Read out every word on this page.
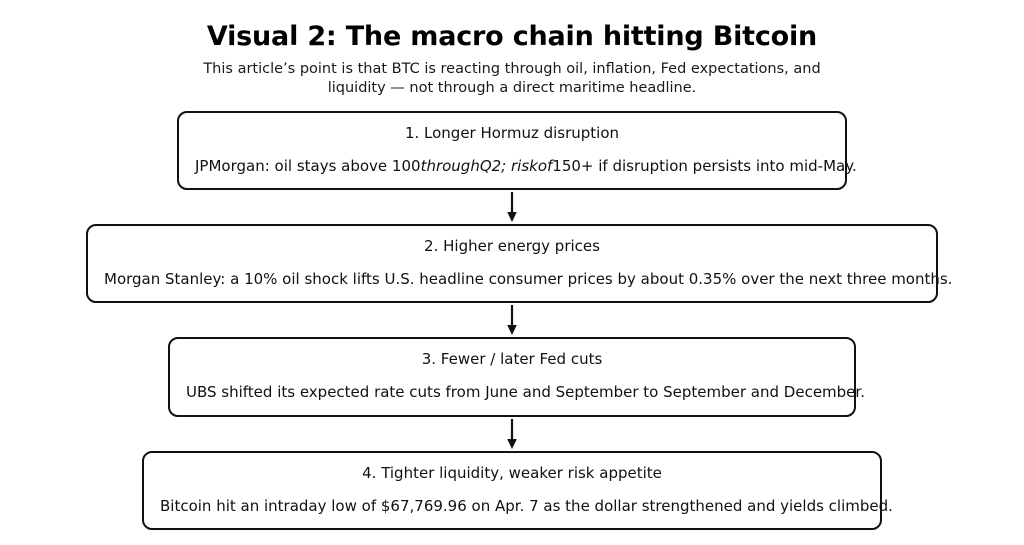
Visual 2: The macro chain hitting Bitcoin
This article’s point is that BTC is reacting through oil, inflation, Fed expectations, and
liquidity — not through a direct maritime headline.
1. Longer Hormuz disruption
JPMorgan: oil stays above 100throughQ2; riskof150+ if disruption persists into mid-May.
2. Higher energy prices
Morgan Stanley: a 10% oil shock lifts U.S. headline consumer prices by about 0.35% over the next three months.
3. Fewer / later Fed cuts
UBS shifted its expected rate cuts from June and September to September and December.
4. Tighter liquidity, weaker risk appetite
Bitcoin hit an intraday low of $67,769.96 on Apr. 7 as the dollar strengthened and yields climbed.
